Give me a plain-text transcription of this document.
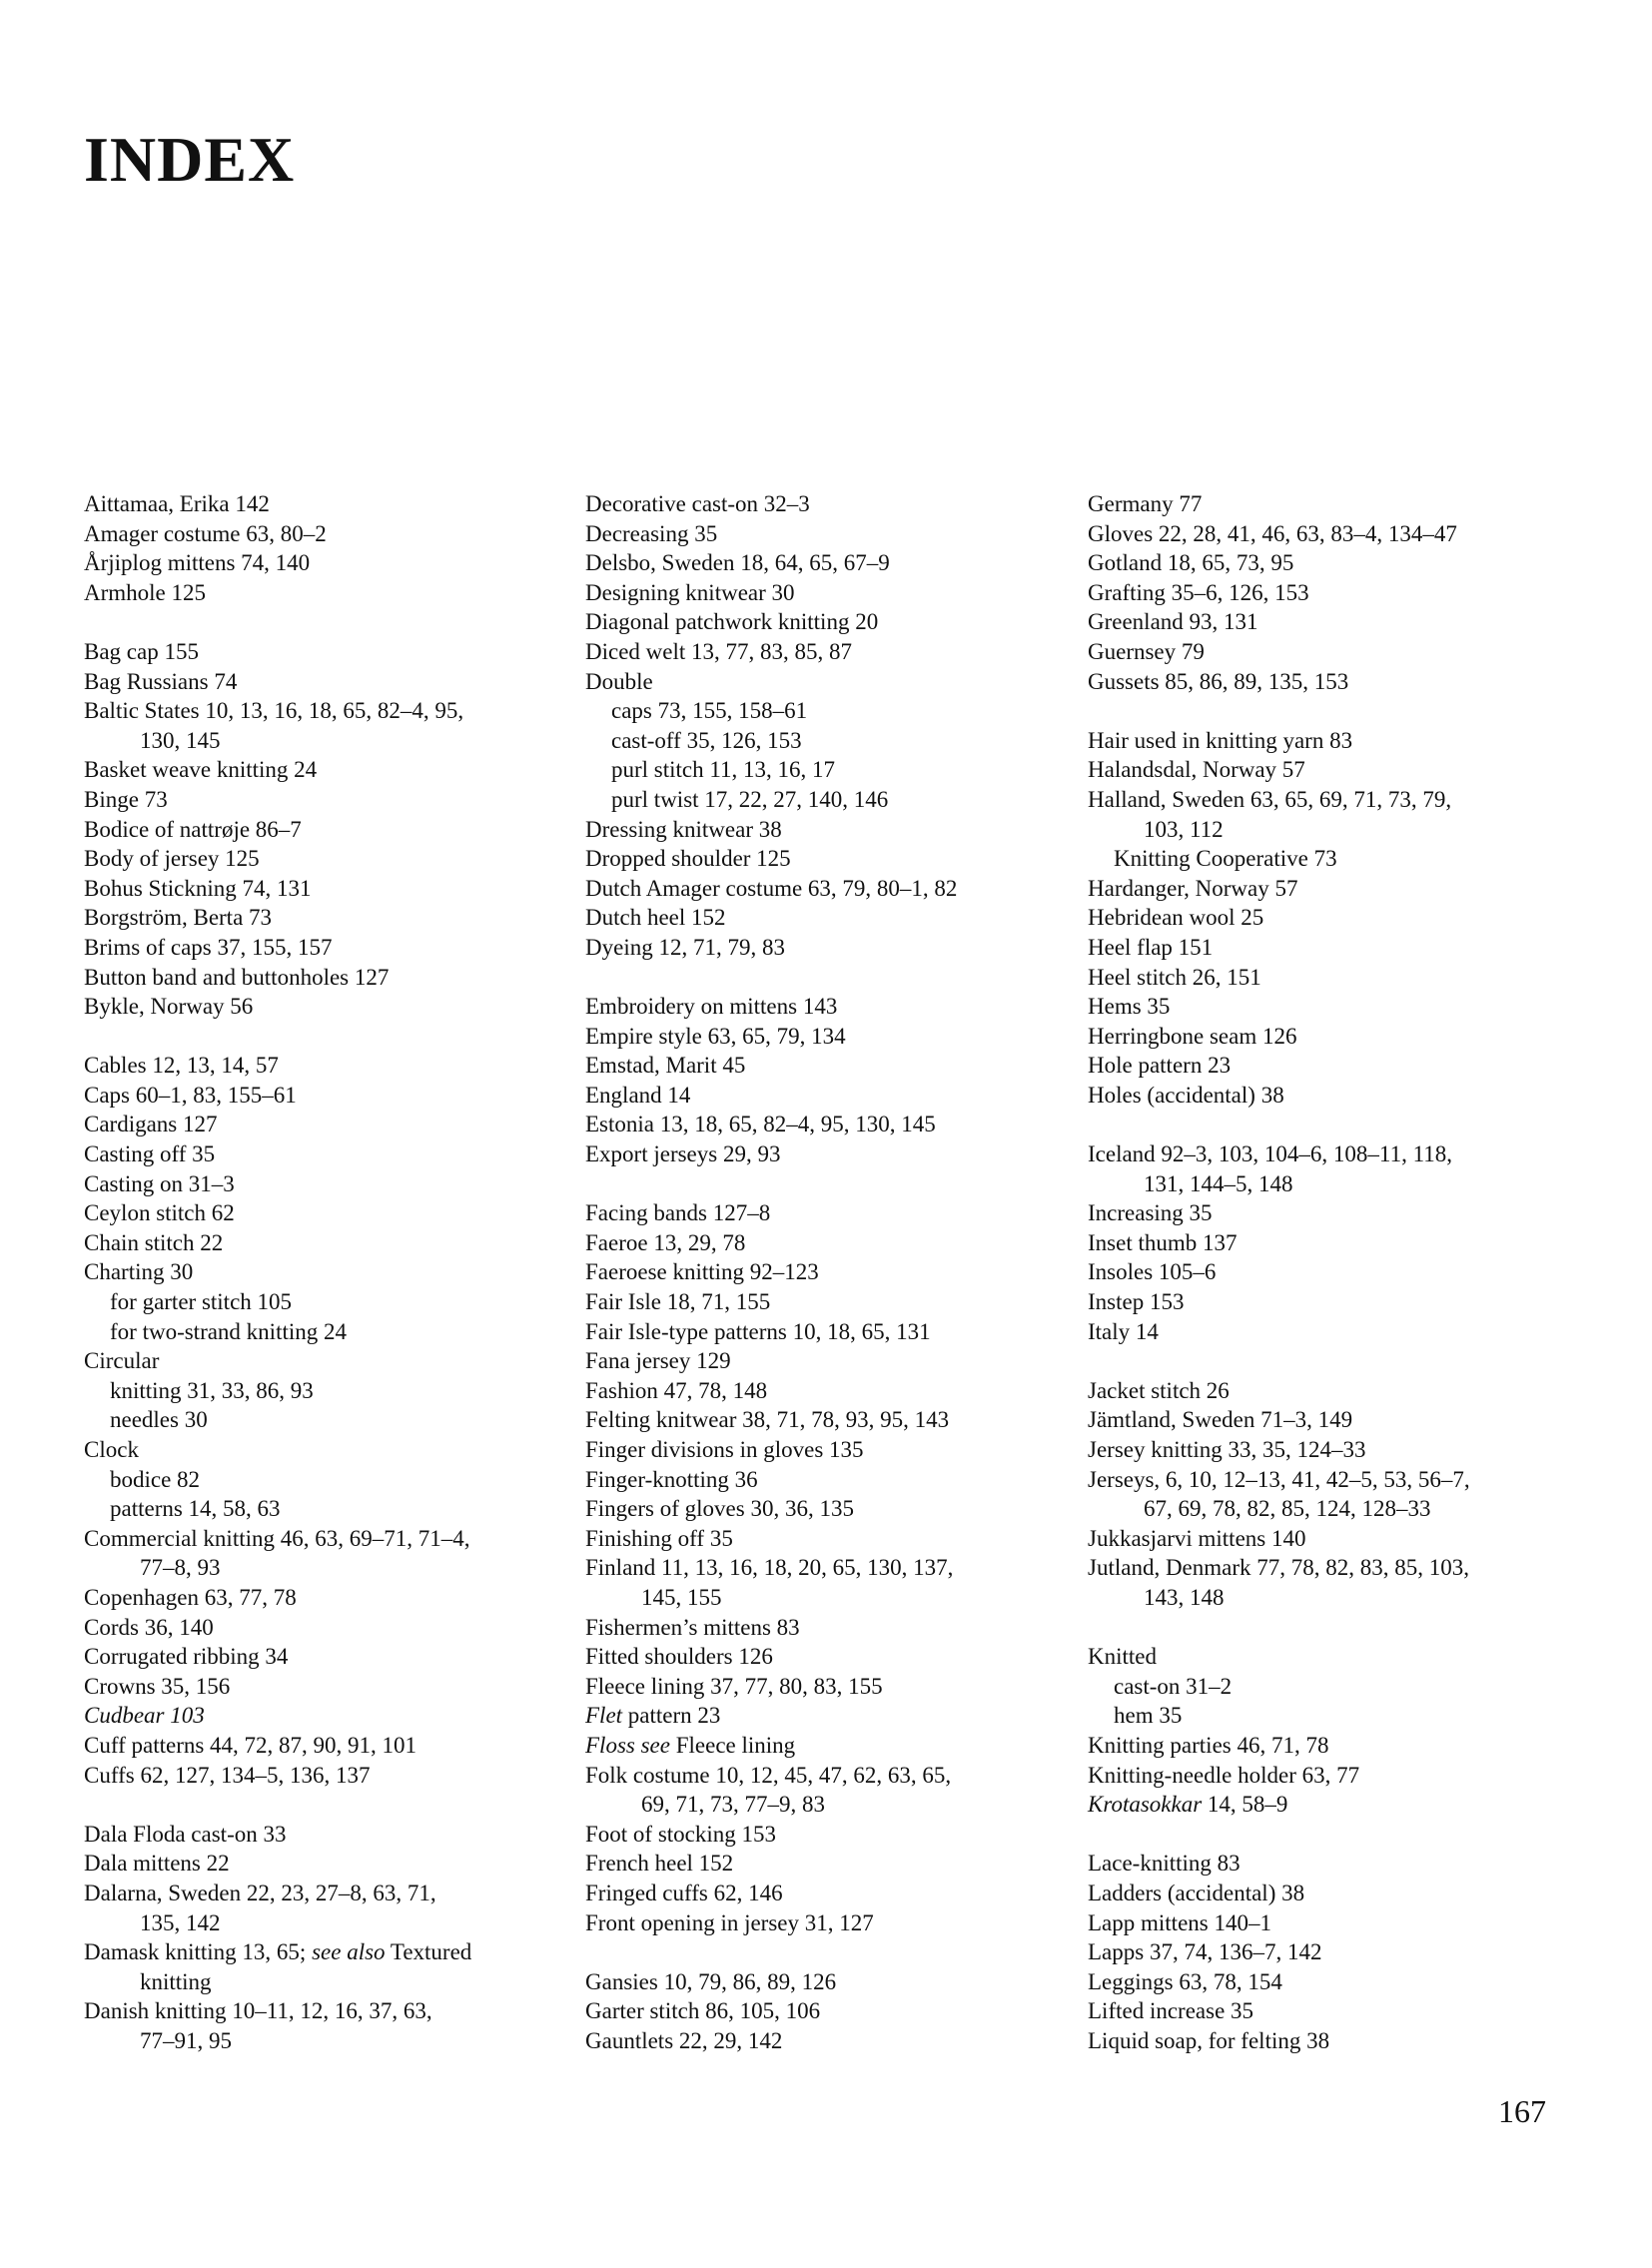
INDEX

Aittamaa, Erika 142

Amager costume 63, 80–2

Årjiplog mittens 74, 140

Armhole 125

Bag cap 155

Bag Russians 74

Baltic States 10, 13, 16, 18, 65, 82–4, 95,

130, 145

Basket weave knitting 24

Binge 73

Bodice of nattrøje 86–7

Body of jersey 125

Bohus Stickning 74, 131

Borgström, Berta 73

Brims of caps 37, 155, 157

Button band and buttonholes 127

Bykle, Norway 56

Cables 12, 13, 14, 57

Caps 60–1, 83, 155–61

Cardigans 127

Casting off 35

Casting on 31–3

Ceylon stitch 62

Chain stitch 22

Charting 30

for garter stitch 105

for two-strand knitting 24

Circular

knitting 31, 33, 86, 93

needles 30

Clock

bodice 82

patterns 14, 58, 63

Commercial knitting 46, 63, 69–71, 71–4,

77–8, 93

Copenhagen 63, 77, 78

Cords 36, 140

Corrugated ribbing 34

Crowns 35, 156

Cudbear 103

Cuff patterns 44, 72, 87, 90, 91, 101

Cuffs 62, 127, 134–5, 136, 137

Dala Floda cast-on 33

Dala mittens 22

Dalarna, Sweden 22, 23, 27–8, 63, 71,

135, 142

Damask knitting 13, 65; see also Textured

knitting

Danish knitting 10–11, 12, 16, 37, 63,

77–91, 95

Decorative cast-on 32–3

Decreasing 35

Delsbo, Sweden 18, 64, 65, 67–9

Designing knitwear 30

Diagonal patchwork knitting 20

Diced welt 13, 77, 83, 85, 87

Double

caps 73, 155, 158–61

cast-off 35, 126, 153

purl stitch 11, 13, 16, 17

purl twist 17, 22, 27, 140, 146

Dressing knitwear 38

Dropped shoulder 125

Dutch Amager costume 63, 79, 80–1, 82

Dutch heel 152

Dyeing 12, 71, 79, 83

Embroidery on mittens 143

Empire style 63, 65, 79, 134

Emstad, Marit 45

England 14

Estonia 13, 18, 65, 82–4, 95, 130, 145

Export jerseys 29, 93

Facing bands 127–8

Faeroe 13, 29, 78

Faeroese knitting 92–123

Fair Isle 18, 71, 155

Fair Isle-type patterns 10, 18, 65, 131

Fana jersey 129

Fashion 47, 78, 148

Felting knitwear 38, 71, 78, 93, 95, 143

Finger divisions in gloves 135

Finger-knotting 36

Fingers of gloves 30, 36, 135

Finishing off 35

Finland 11, 13, 16, 18, 20, 65, 130, 137,

145, 155

Fishermen’s mittens 83

Fitted shoulders 126

Fleece lining 37, 77, 80, 83, 155

Flet pattern 23

Floss see Fleece lining

Folk costume 10, 12, 45, 47, 62, 63, 65,

69, 71, 73, 77–9, 83

Foot of stocking 153

French heel 152

Fringed cuffs 62, 146

Front opening in jersey 31, 127

Gansies 10, 79, 86, 89, 126

Garter stitch 86, 105, 106

Gauntlets 22, 29, 142

Germany 77

Gloves 22, 28, 41, 46, 63, 83–4, 134–47

Gotland 18, 65, 73, 95

Grafting 35–6, 126, 153

Greenland 93, 131

Guernsey 79

Gussets 85, 86, 89, 135, 153

Hair used in knitting yarn 83

Halandsdal, Norway 57

Halland, Sweden 63, 65, 69, 71, 73, 79,

103, 112

Knitting Cooperative 73

Hardanger, Norway 57

Hebridean wool 25

Heel flap 151

Heel stitch 26, 151

Hems 35

Herringbone seam 126

Hole pattern 23

Holes (accidental) 38

Iceland 92–3, 103, 104–6, 108–11, 118,

131, 144–5, 148

Increasing 35

Inset thumb 137

Insoles 105–6

Instep 153

Italy 14

Jacket stitch 26

Jämtland, Sweden 71–3, 149

Jersey knitting 33, 35, 124–33

Jerseys, 6, 10, 12–13, 41, 42–5, 53, 56–7,

67, 69, 78, 82, 85, 124, 128–33

Jukkasjarvi mittens 140

Jutland, Denmark 77, 78, 82, 83, 85, 103,

143, 148

Knitted

cast-on 31–2

hem 35

Knitting parties 46, 71, 78

Knitting-needle holder 63, 77

Krotasokkar 14, 58–9

Lace-knitting 83

Ladders (accidental) 38

Lapp mittens 140–1

Lapps 37, 74, 136–7, 142

Leggings 63, 78, 154

Lifted increase 35

Liquid soap, for felting 38

167
